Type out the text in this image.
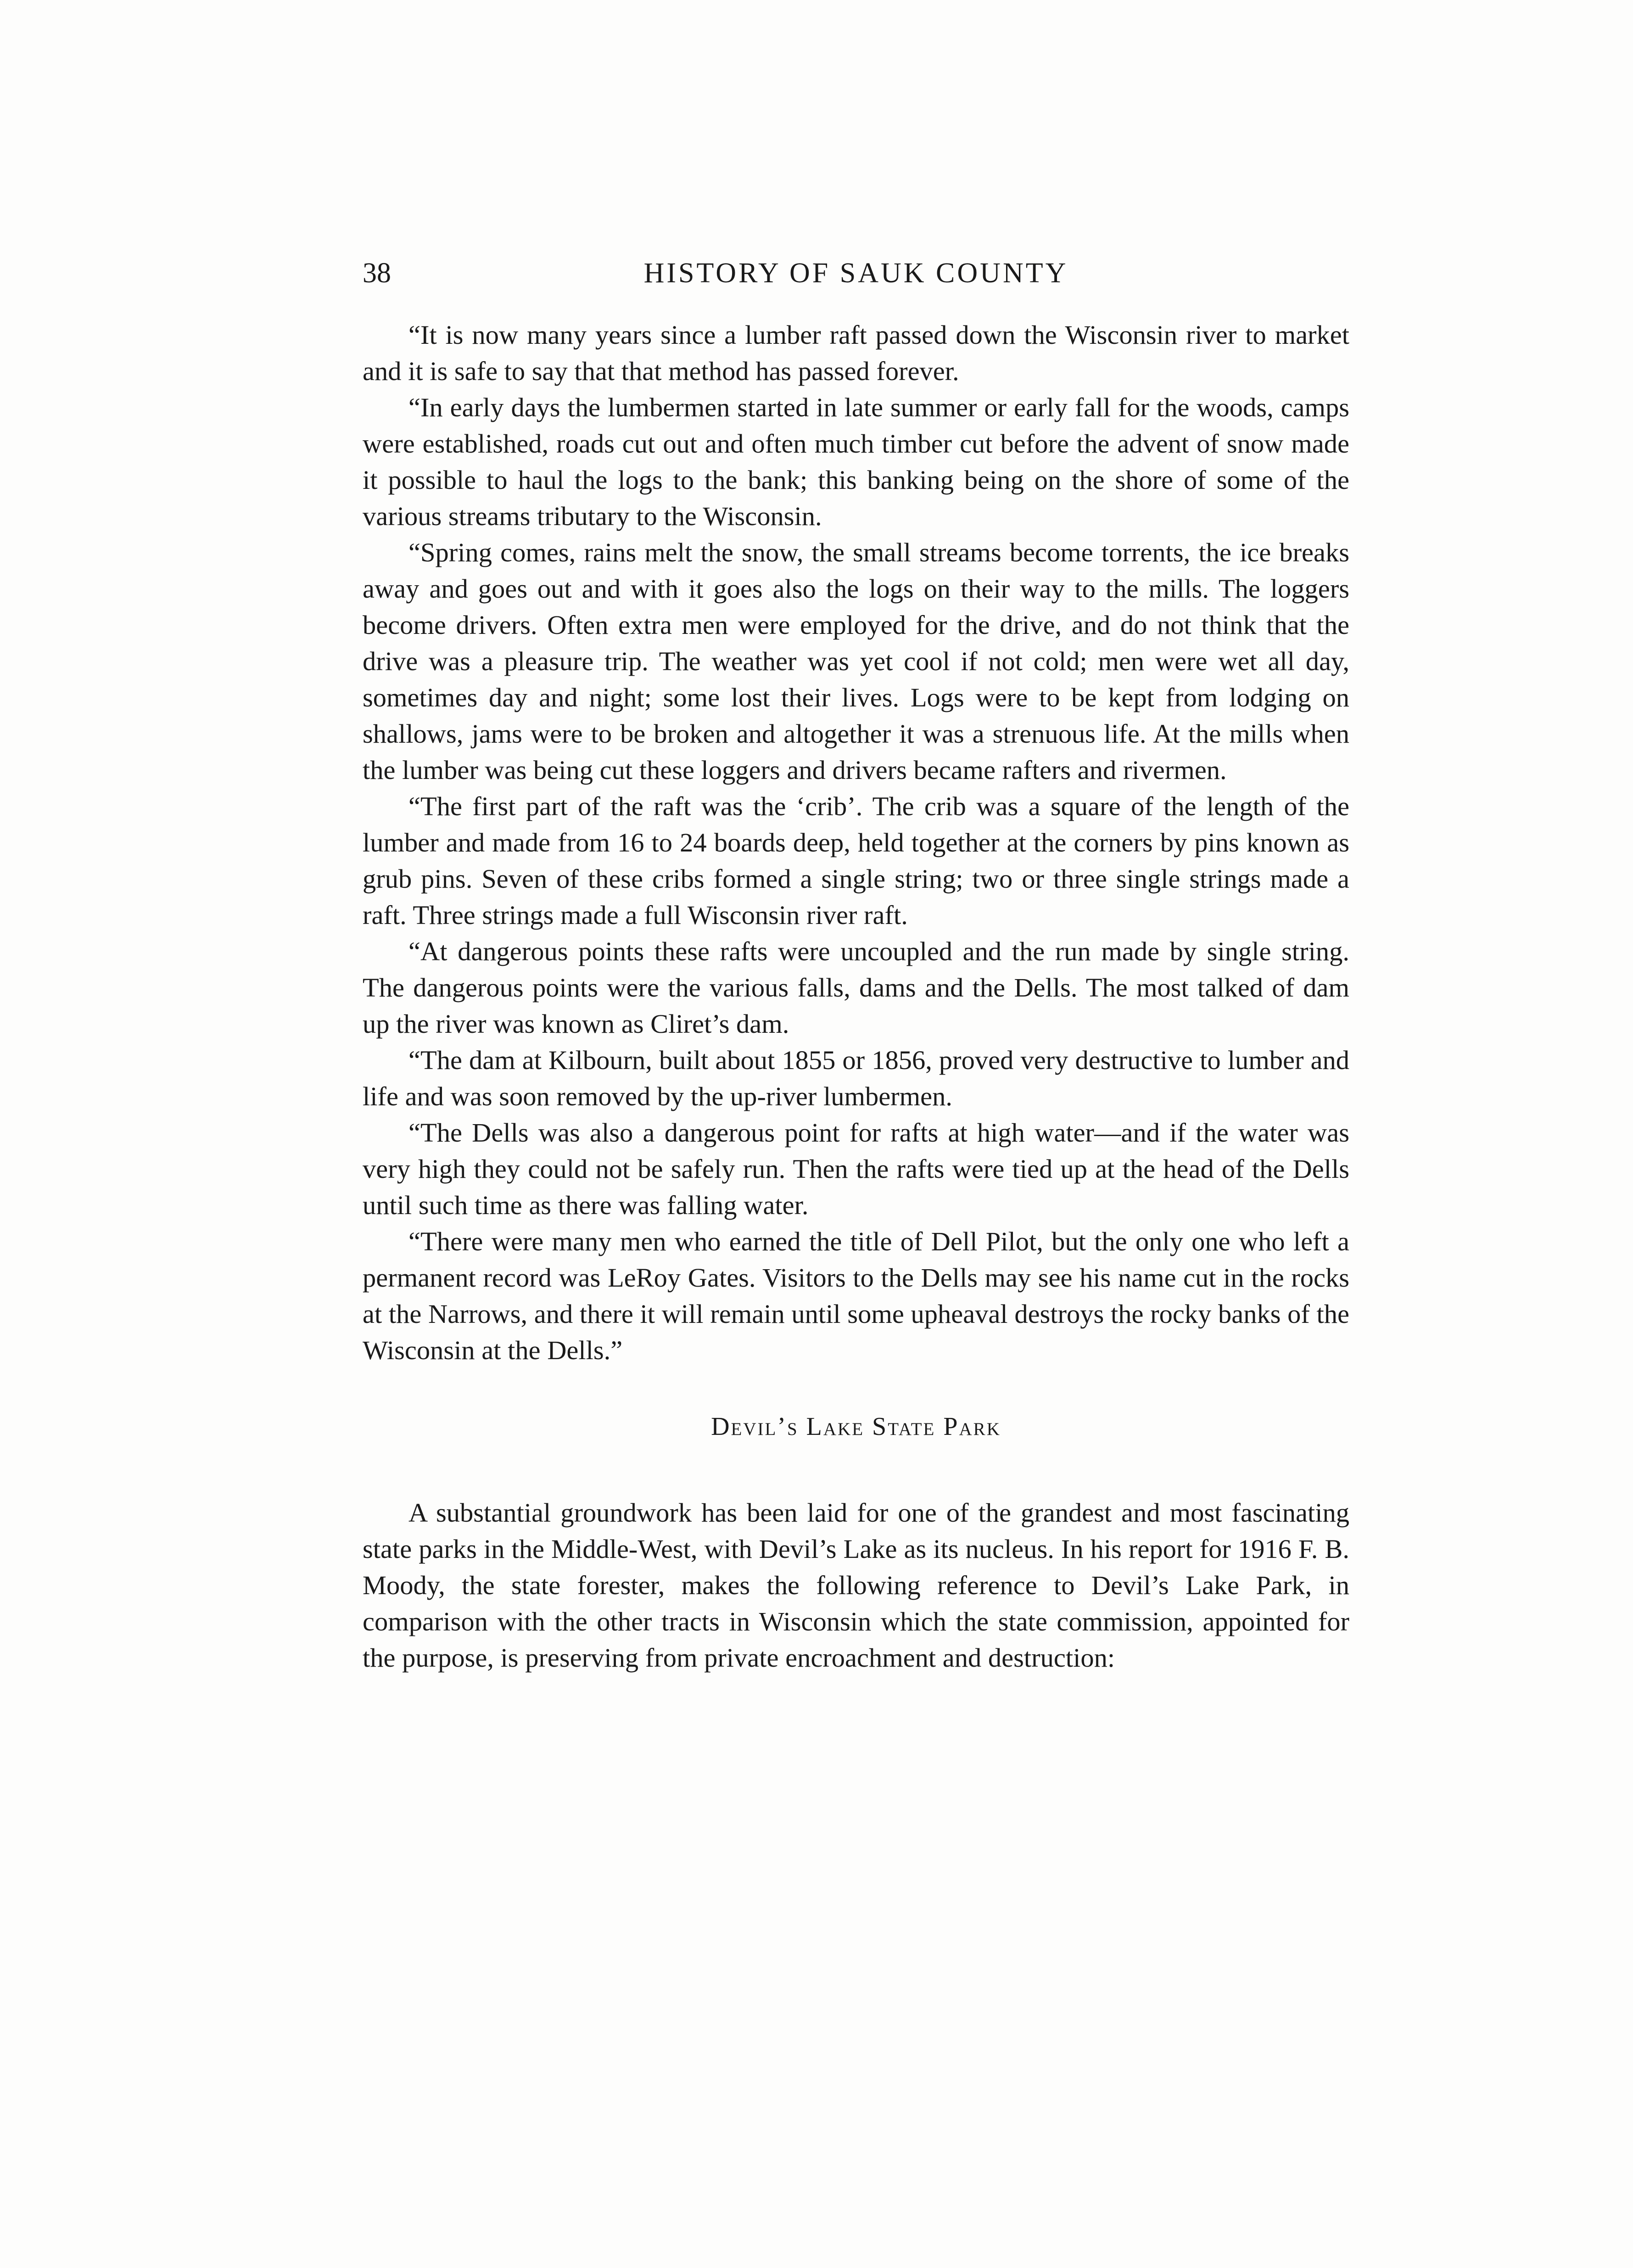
38	HISTORY OF SAUK COUNTY

“It is now many years since a lumber raft passed down the Wisconsin river to market and it is safe to say that that method has passed forever.

“In early days the lumbermen started in late summer or early fall for the woods, camps were established, roads cut out and often much timber cut before the advent of snow made it possible to haul the logs to the bank; this banking being on the shore of some of the various streams tributary to the Wisconsin.

“Spring comes, rains melt the snow, the small streams become torrents, the ice breaks away and goes out and with it goes also the logs on their way to the mills. The loggers become drivers. Often extra men were employed for the drive, and do not think that the drive was a pleasure trip. The weather was yet cool if not cold; men were wet all day, sometimes day and night; some lost their lives. Logs were to be kept from lodging on shallows, jams were to be broken and altogether it was a strenuous life. At the mills when the lumber was being cut these loggers and drivers became rafters and rivermen.

“The first part of the raft was the ‘crib’. The crib was a square of the length of the lumber and made from 16 to 24 boards deep, held together at the corners by pins known as grub pins. Seven of these cribs formed a single string; two or three single strings made a raft. Three strings made a full Wisconsin river raft.

“At dangerous points these rafts were uncoupled and the run made by single string. The dangerous points were the various falls, dams and the Dells. The most talked of dam up the river was known as Cliret’s dam.

“The dam at Kilbourn, built about 1855 or 1856, proved very destructive to lumber and life and was soon removed by the up-river lumbermen.

“The Dells was also a dangerous point for rafts at high water—and if the water was very high they could not be safely run. Then the rafts were tied up at the head of the Dells until such time as there was falling water.

“There were many men who earned the title of Dell Pilot, but the only one who left a permanent record was LeRoy Gates. Visitors to the Dells may see his name cut in the rocks at the Narrows, and there it will remain until some upheaval destroys the rocky banks of the Wisconsin at the Dells.”

Devil’s Lake State Park

A substantial groundwork has been laid for one of the grandest and most fascinating state parks in the Middle-West, with Devil’s Lake as its nucleus. In his report for 1916 F. B. Moody, the state forester, makes the following reference to Devil’s Lake Park, in comparison with the other tracts in Wisconsin which the state commission, appointed for the purpose, is preserving from private encroachment and destruction:
